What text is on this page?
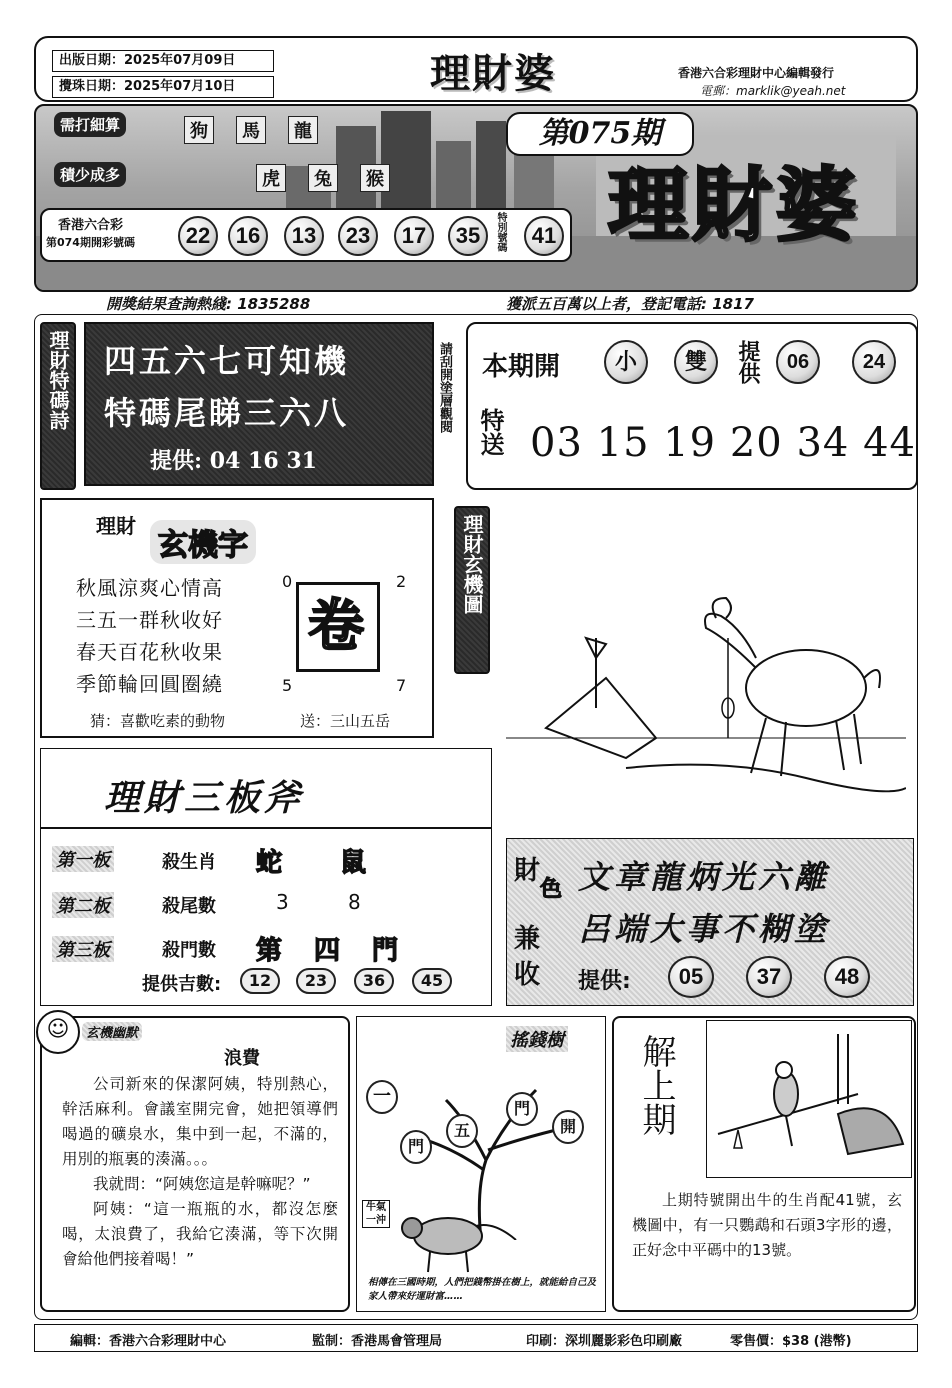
出版日期：2025年07月09日
攪珠日期：2025年07月10日	理財婆	香港六合彩理財中心編輯發行
電郵：marklik@yeah.net
需打細算
積少成多
狗	馬	龍
虎	兔	猴
第075期
理財婆
香港六合彩
第074期開彩號碼	22	16	13	23	17	35	特別號碼	41
開獎結果查詢熱綫: 1835288	獲派五百萬以上者，登記電話: 1817
理財特碼詩 四五六七可知機
特碼尾睇三六八
提供: 04 16 31
請刮開塗層觀閱 本期開	小	雙	提供	06	24
特送 03 15 19 20 34 44
理財
玄機字
秋風涼爽心情高
三五一群秋收好
春天百花秋收果
季節輪回圓圈繞
卷
0	2
5	7
猜：喜歡吃素的動物	送：三山五岳
理財玄機圖
理財三板斧
第一板	殺生肖 蛇 鼠
第二板	殺尾數	3	8
第三板	殺門數 第 四 門
提供吉數:	12	23	36	45
財
色
兼
收
文章龍炳光六離
呂端大事不糊塗
提供:	05	37	48
☺	玄機幽默
浪費
公司新來的保潔阿姨，特別熱心，幹活麻利。會議室開完會，她把領導們喝過的礦泉水，集中到一起，不滿的，用別的瓶裏的湊滿。。。
我就問：“阿姨您這是幹嘛呢？”
阿姨：“這一瓶瓶的水，都沒怎麼喝，太浪費了，我給它湊滿，等下次開會給他們接着喝！”
搖錢樹
一
門
五
門
開
牛氣一沖
相傳在三國時期，人們把錢幣掛在樹上，就能給自己及家人帶來好運財富……
解上期
上期特號開出牛的生肖配41號，玄機圖中，有一只鸚鵡和石頭3字形的邊，正好念中平碼中的13號。
編輯：香港六合彩理財中心	監制：香港馬會管理局	印刷：深圳麗影彩色印刷廠	零售價：$38 (港幣)
